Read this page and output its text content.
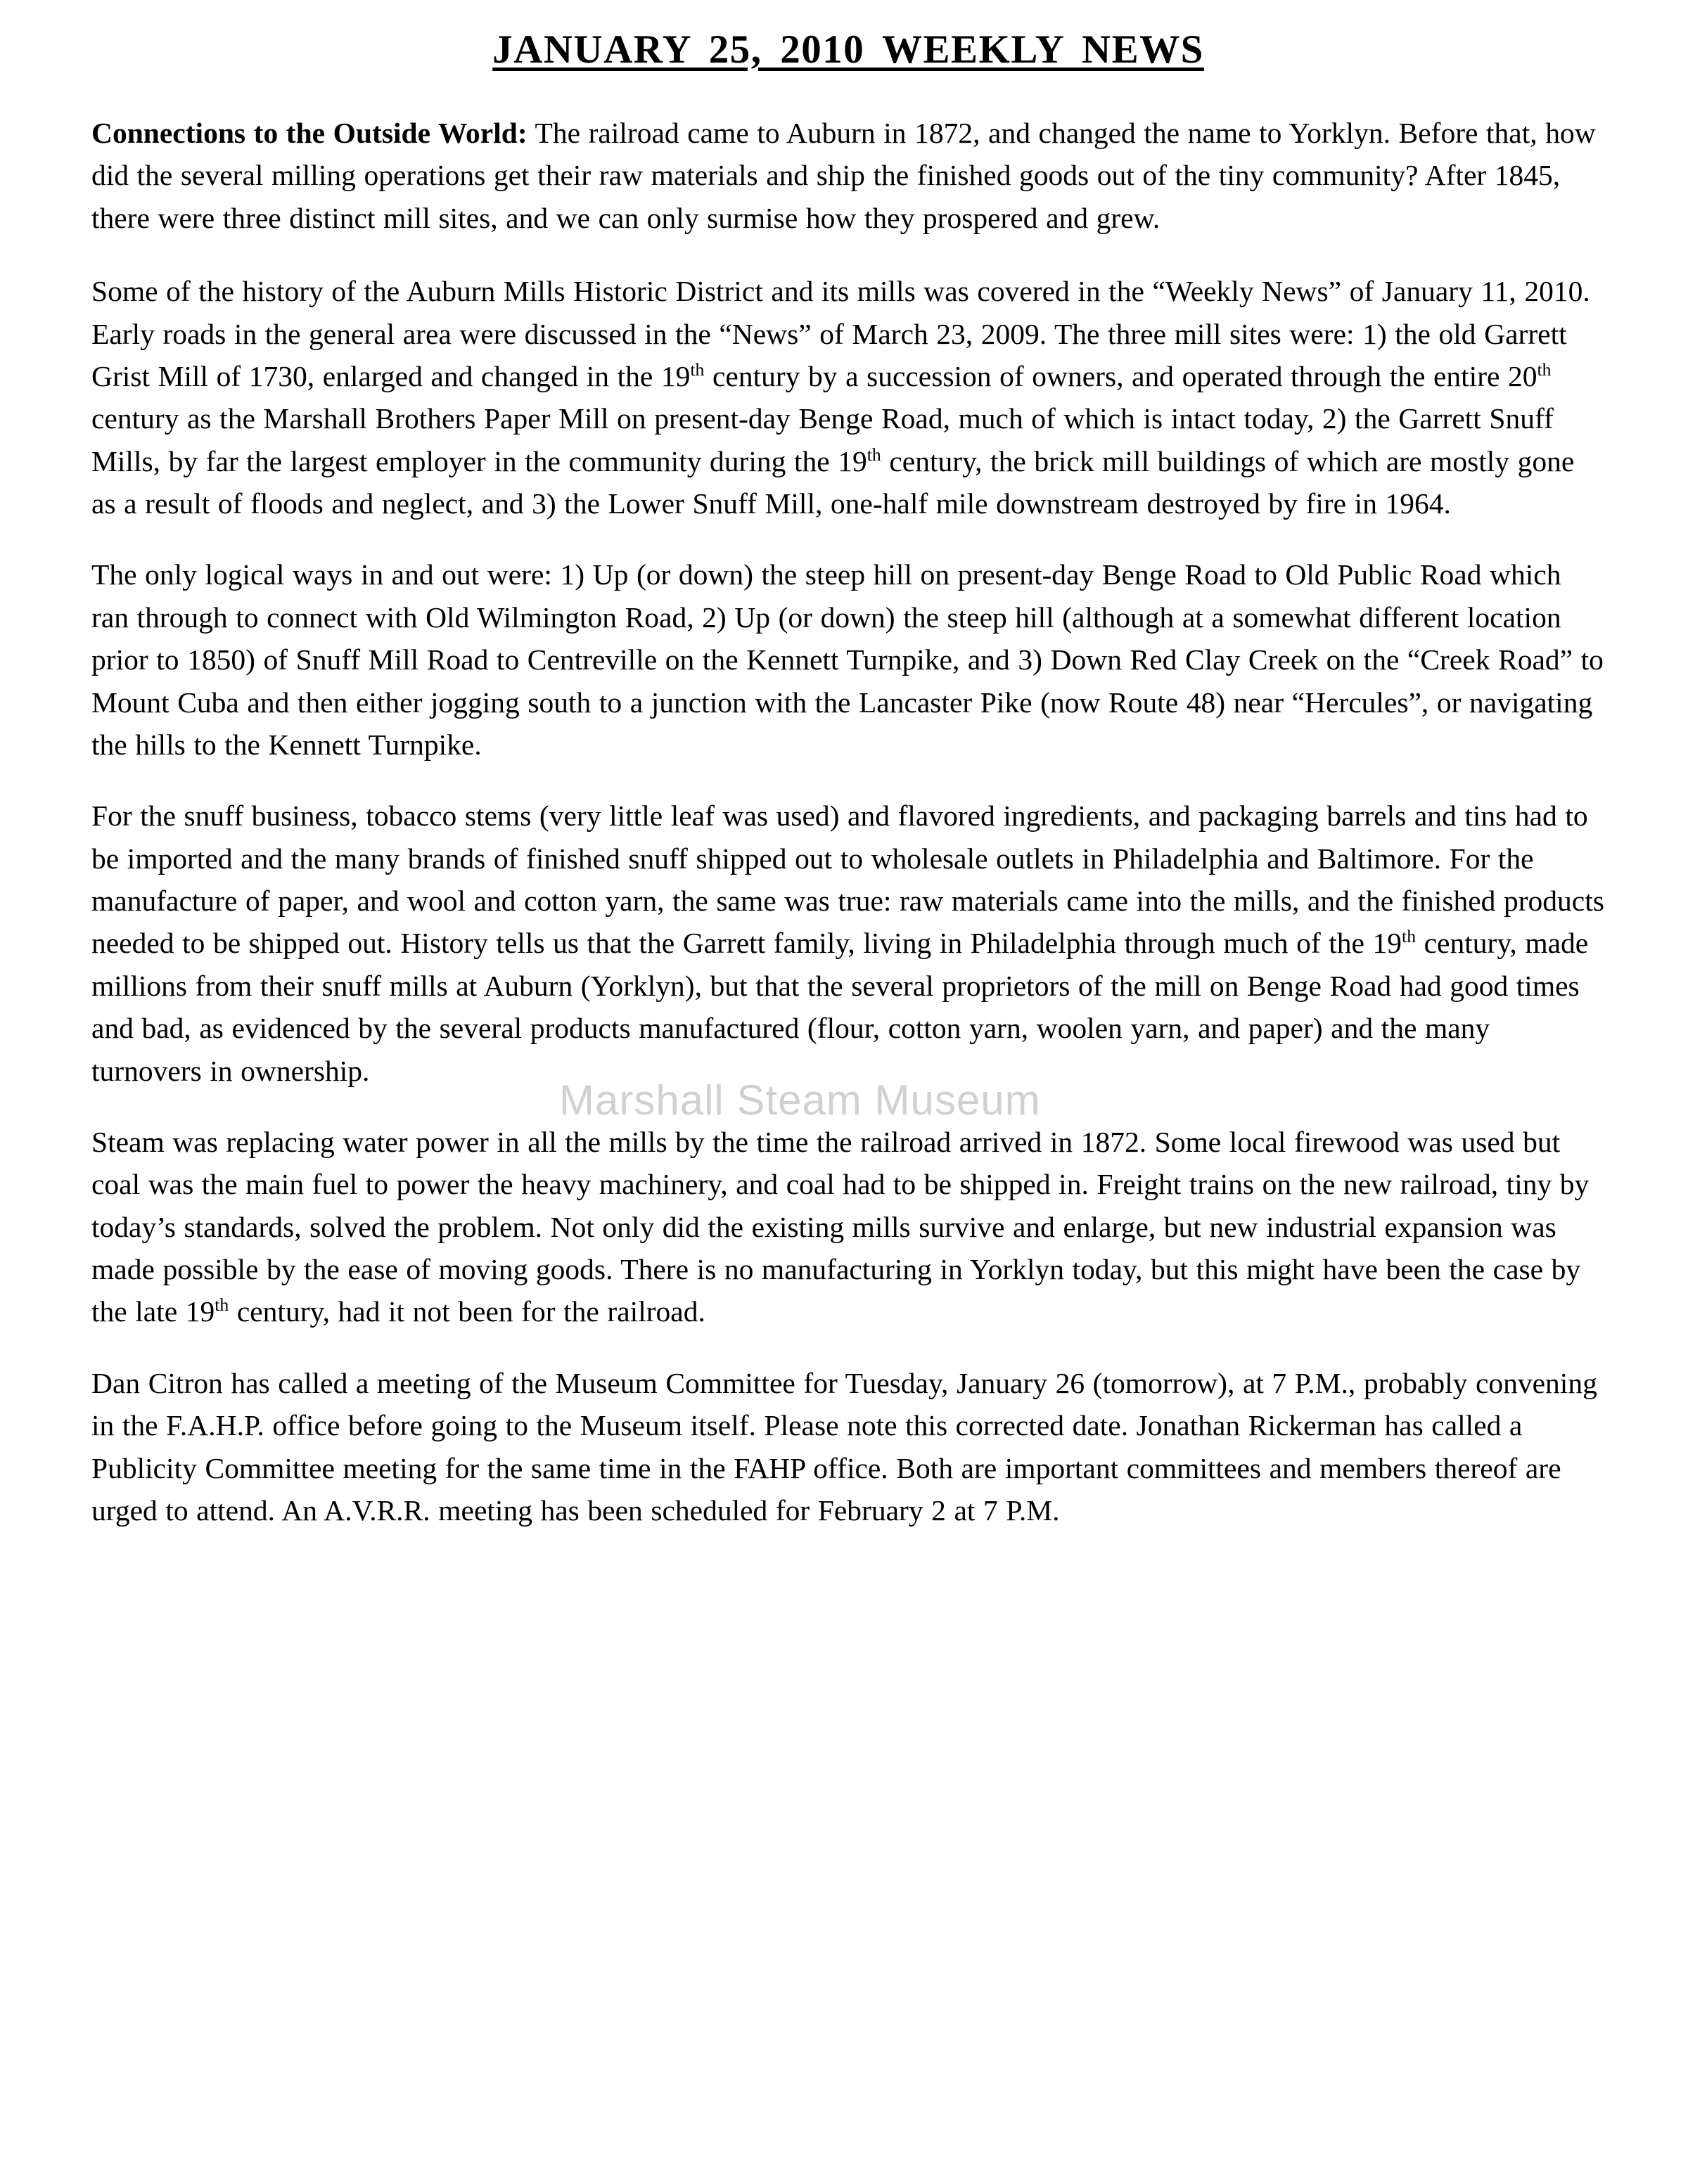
JANUARY 25, 2010 WEEKLY NEWS

Connections to the Outside World: The railroad came to Auburn in 1872, and changed the name to Yorklyn. Before that, how did the several milling operations get their raw materials and ship the finished goods out of the tiny community? After 1845, there were three distinct mill sites, and we can only surmise how they prospered and grew.

Some of the history of the Auburn Mills Historic District and its mills was covered in the “Weekly News” of January 11, 2010. Early roads in the general area were discussed in the “News” of March 23, 2009. The three mill sites were: 1) the old Garrett Grist Mill of 1730, enlarged and changed in the 19th century by a succession of owners, and operated through the entire 20th century as the Marshall Brothers Paper Mill on present-day Benge Road, much of which is intact today, 2) the Garrett Snuff Mills, by far the largest employer in the community during the 19th century, the brick mill buildings of which are mostly gone as a result of floods and neglect, and 3) the Lower Snuff Mill, one-half mile downstream destroyed by fire in 1964.

The only logical ways in and out were: 1) Up (or down) the steep hill on present-day Benge Road to Old Public Road which ran through to connect with Old Wilmington Road, 2) Up (or down) the steep hill (although at a somewhat different location prior to 1850) of Snuff Mill Road to Centreville on the Kennett Turnpike, and 3) Down Red Clay Creek on the “Creek Road” to Mount Cuba and then either jogging south to a junction with the Lancaster Pike (now Route 48) near “Hercules”, or navigating the hills to the Kennett Turnpike.

For the snuff business, tobacco stems (very little leaf was used) and flavored ingredients, and packaging barrels and tins had to be imported and the many brands of finished snuff shipped out to wholesale outlets in Philadelphia and Baltimore. For the manufacture of paper, and wool and cotton yarn, the same was true: raw materials came into the mills, and the finished products needed to be shipped out. History tells us that the Garrett family, living in Philadelphia through much of the 19th century, made millions from their snuff mills at Auburn (Yorklyn), but that the several proprietors of the mill on Benge Road had good times and bad, as evidenced by the several products manufactured (flour, cotton yarn, woolen yarn, and paper) and the many turnovers in ownership.

Steam was replacing water power in all the mills by the time the railroad arrived in 1872. Some local firewood was used but coal was the main fuel to power the heavy machinery, and coal had to be shipped in. Freight trains on the new railroad, tiny by today’s standards, solved the problem. Not only did the existing mills survive and enlarge, but new industrial expansion was made possible by the ease of moving goods. There is no manufacturing in Yorklyn today, but this might have been the case by the late 19th century, had it not been for the railroad.

Dan Citron has called a meeting of the Museum Committee for Tuesday, January 26 (tomorrow), at 7 P.M., probably convening in the F.A.H.P. office before going to the Museum itself. Please note this corrected date. Jonathan Rickerman has called a Publicity Committee meeting for the same time in the FAHP office. Both are important committees and members thereof are urged to attend. An A.V.R.R. meeting has been scheduled for February 2 at 7 P.M.

Marshall Steam Museum
